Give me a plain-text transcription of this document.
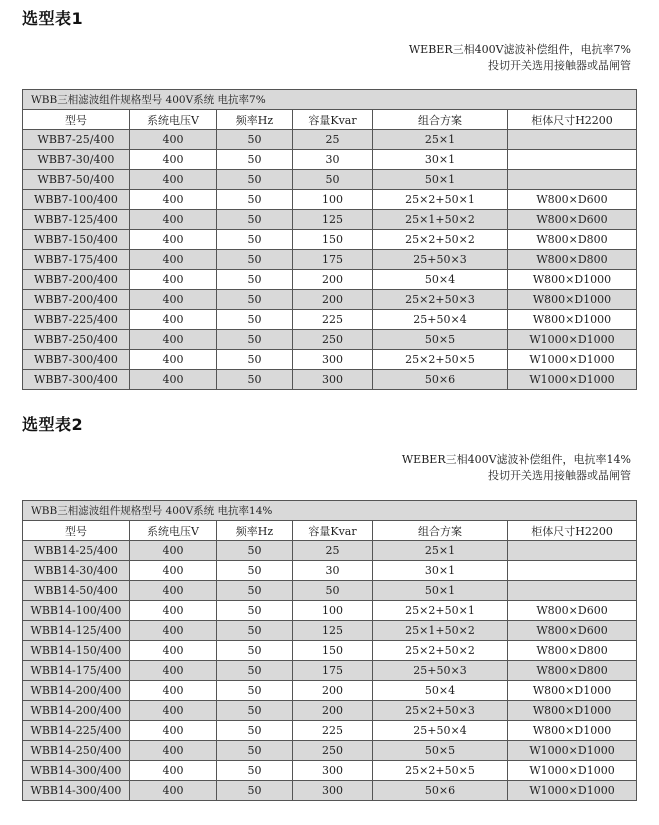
选型表1
WEBER三相400V滤波补偿组件，电抗率7%
投切开关选用接触器或晶闸管
WBB三相滤波组件规格型号 400V系统 电抗率7%					
型号	系统电压V	频率Hz	容量Kvar	组合方案	柜体尺寸H2200
WBB7-25/400	400	50	25	25×1	
WBB7-30/400	400	50	30	30×1	
WBB7-50/400	400	50	50	50×1	
WBB7-100/400	400	50	100	25×2+50×1	W800×D600
WBB7-125/400	400	50	125	25×1+50×2	W800×D600
WBB7-150/400	400	50	150	25×2+50×2	W800×D800
WBB7-175/400	400	50	175	25+50×3	W800×D800
WBB7-200/400	400	50	200	50×4	W800×D1000
WBB7-200/400	400	50	200	25×2+50×3	W800×D1000
WBB7-225/400	400	50	225	25+50×4	W800×D1000
WBB7-250/400	400	50	250	50×5	W1000×D1000
WBB7-300/400	400	50	300	25×2+50×5	W1000×D1000
WBB7-300/400	400	50	300	50×6	W1000×D1000
选型表2
WEBER三相400V滤波补偿组件，电抗率14%
投切开关选用接触器或晶闸管
WBB三相滤波组件规格型号 400V系统 电抗率14%					
型号	系统电压V	频率Hz	容量Kvar	组合方案	柜体尺寸H2200
WBB14-25/400	400	50	25	25×1	
WBB14-30/400	400	50	30	30×1	
WBB14-50/400	400	50	50	50×1	
WBB14-100/400	400	50	100	25×2+50×1	W800×D600
WBB14-125/400	400	50	125	25×1+50×2	W800×D600
WBB14-150/400	400	50	150	25×2+50×2	W800×D800
WBB14-175/400	400	50	175	25+50×3	W800×D800
WBB14-200/400	400	50	200	50×4	W800×D1000
WBB14-200/400	400	50	200	25×2+50×3	W800×D1000
WBB14-225/400	400	50	225	25+50×4	W800×D1000
WBB14-250/400	400	50	250	50×5	W1000×D1000
WBB14-300/400	400	50	300	25×2+50×5	W1000×D1000
WBB14-300/400	400	50	300	50×6	W1000×D1000
